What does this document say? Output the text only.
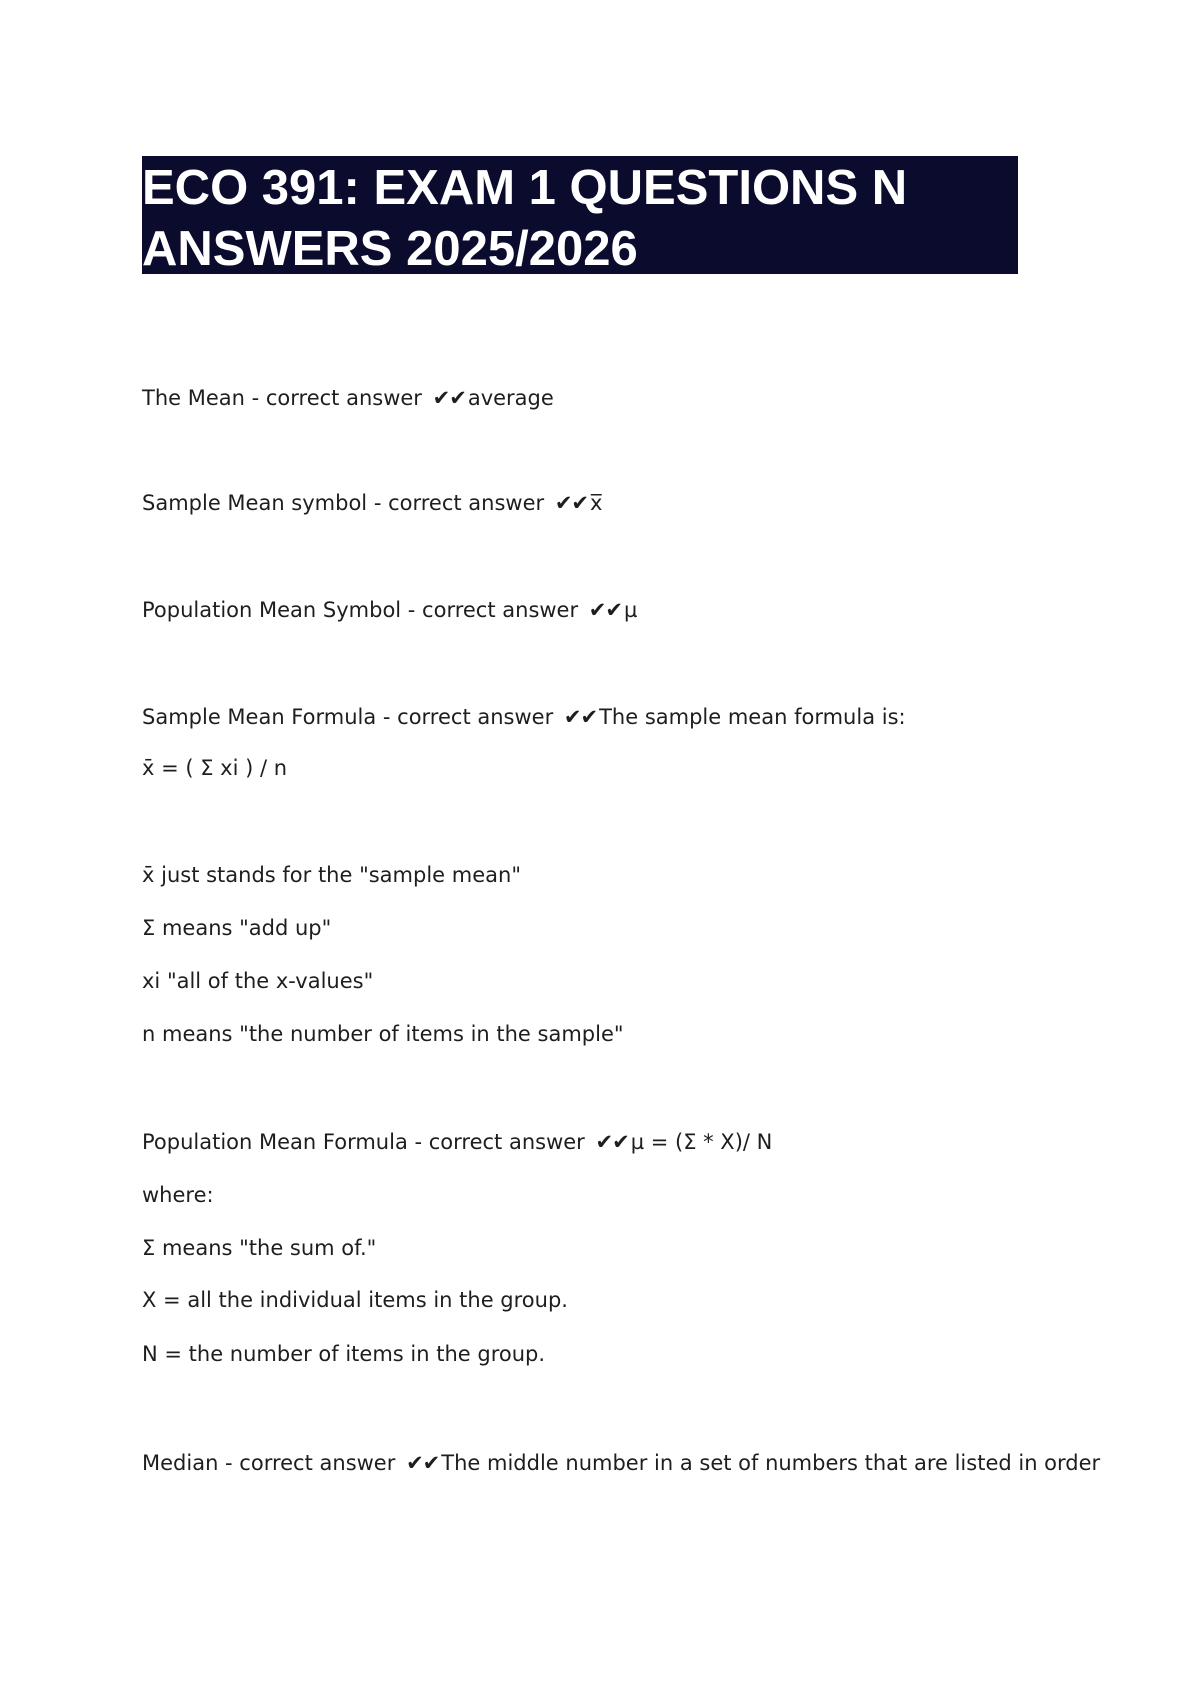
ECO 391: EXAM 1 QUESTIONS N
ANSWERS 2025/2026
The Mean - correct answer ✔✔average
Sample Mean symbol - correct answer ✔✔x̅
Population Mean Symbol - correct answer ✔✔µ
Sample Mean Formula - correct answer ✔✔The sample mean formula is:
x̄ = ( Σ xi ) / n
x̄ just stands for the "sample mean"
Σ means "add up"
xi "all of the x-values"
n means "the number of items in the sample"
Population Mean Formula - correct answer ✔✔µ = (Σ * X)/ N
where:
Σ means "the sum of."
X = all the individual items in the group.
N = the number of items in the group.
Median - correct answer ✔✔The middle number in a set of numbers that are listed in order
